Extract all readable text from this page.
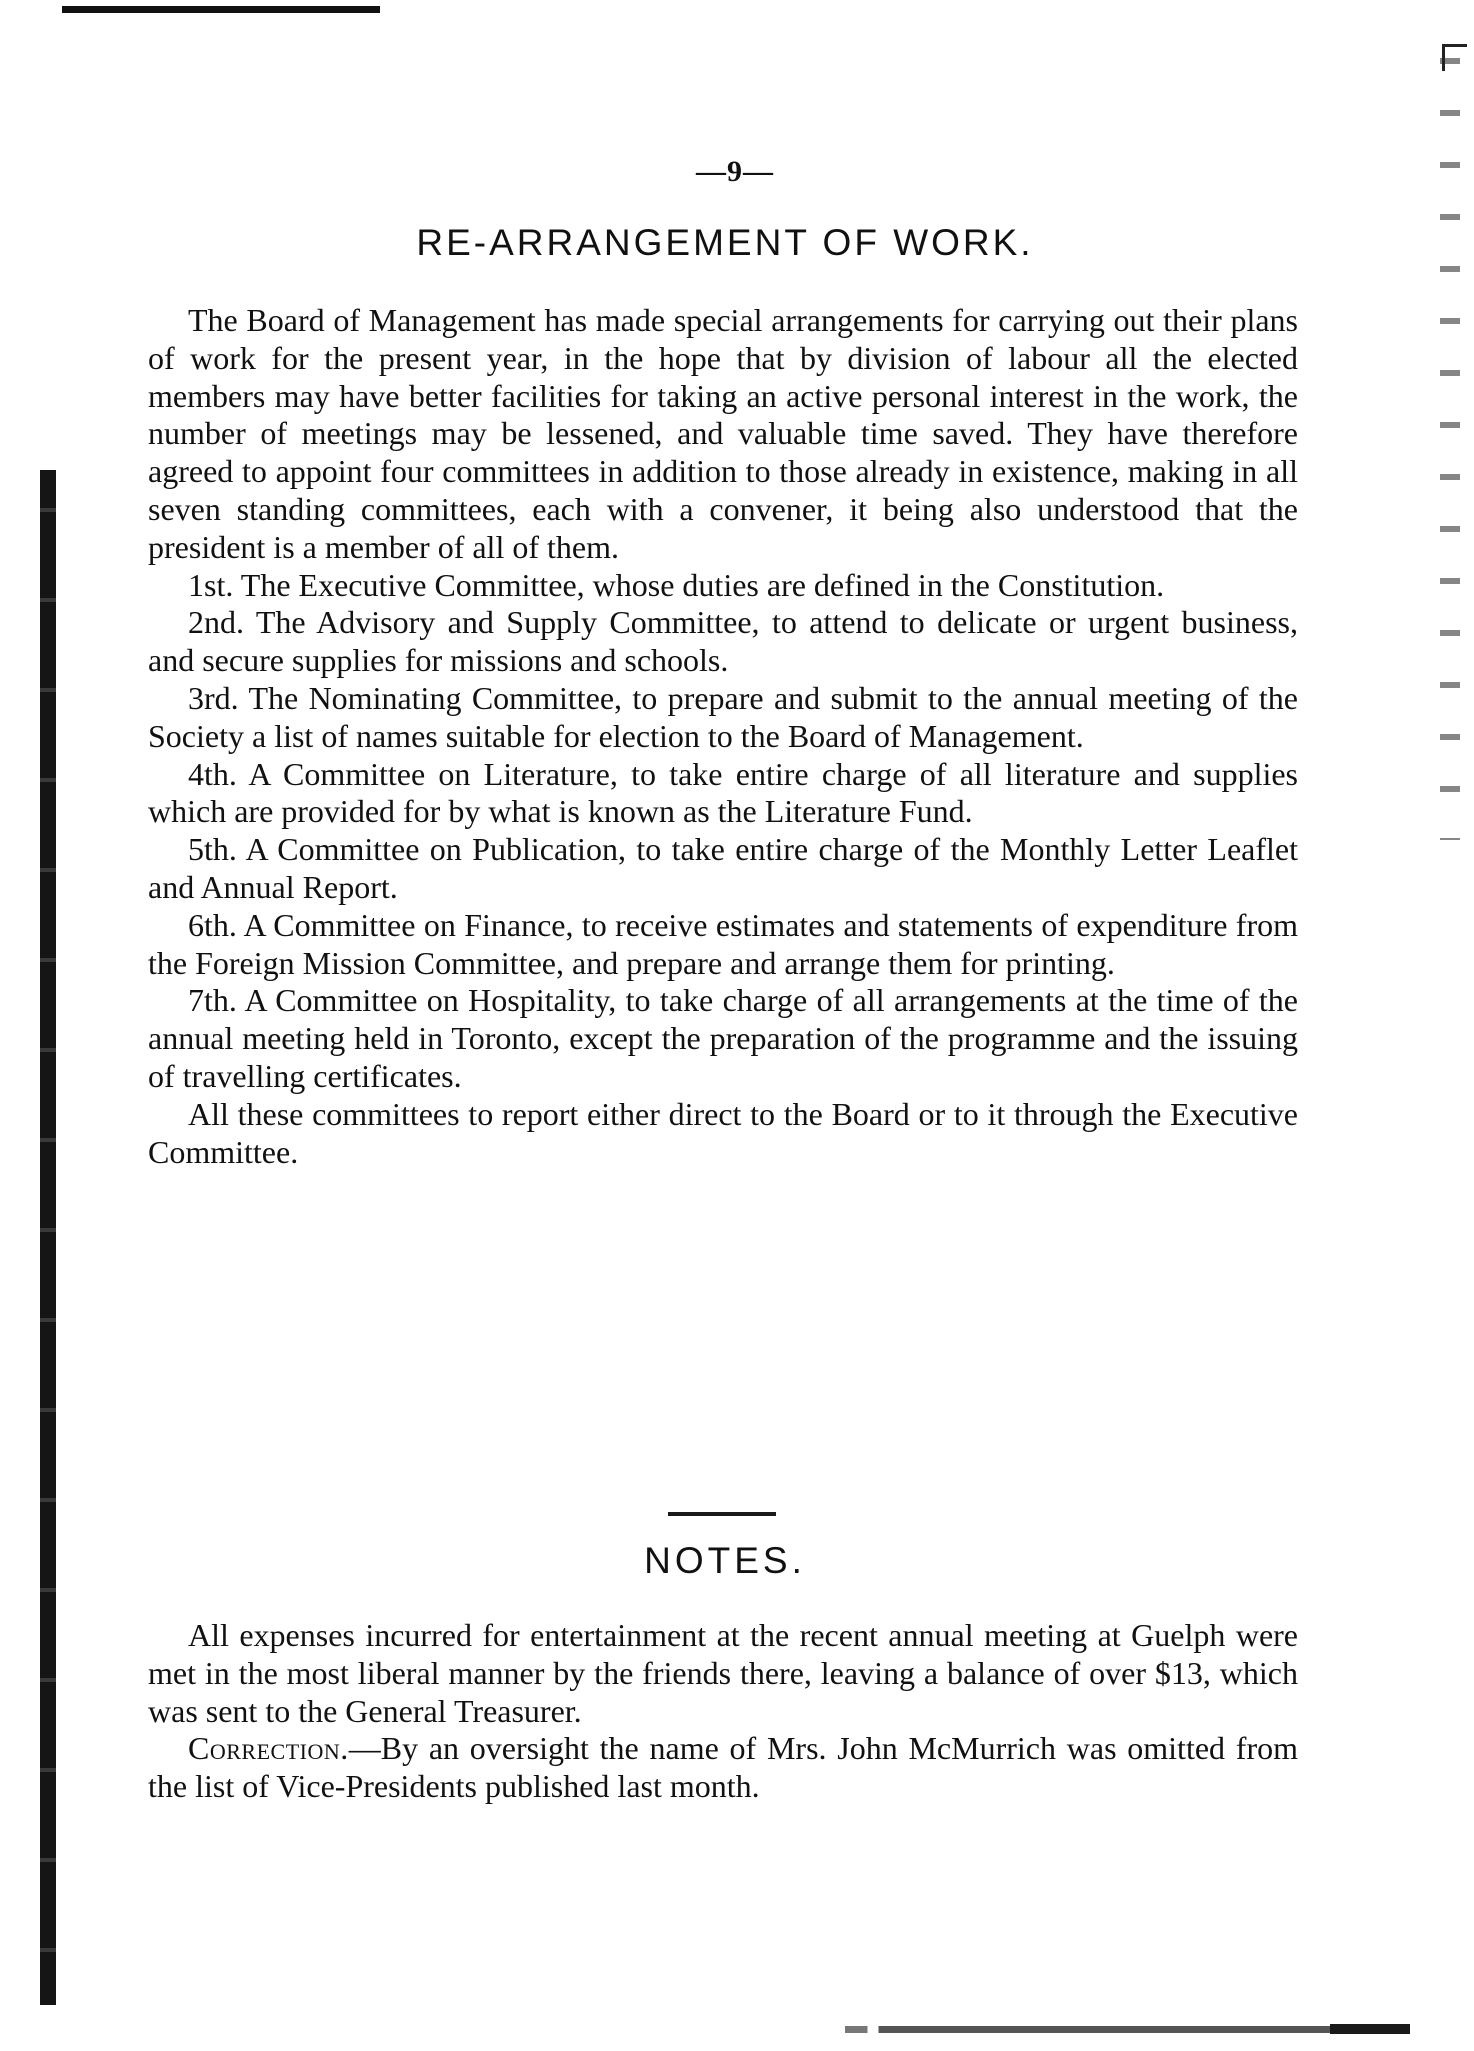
—9—
RE-ARRANGEMENT OF WORK.

The Board of Management has made special arrangements for carrying out their plans of work for the present year, in the hope that by division of labour all the elected members may have better facilities for taking an active personal interest in the work, the number of meetings may be lessened, and valuable time saved. They have therefore agreed to appoint four committees in addition to those already in existence, making in all seven standing committees, each with a convener, it being also understood that the president is a member of all of them.

1st. The Executive Committee, whose duties are defined in the Constitution.

2nd. The Advisory and Supply Committee, to attend to delicate or urgent business, and secure supplies for missions and schools.

3rd. The Nominating Committee, to prepare and submit to the annual meeting of the Society a list of names suitable for election to the Board of Management.

4th. A Committee on Literature, to take entire charge of all literature and supplies which are provided for by what is known as the Literature Fund.

5th. A Committee on Publication, to take entire charge of the Monthly Letter Leaflet and Annual Report.

6th. A Committee on Finance, to receive estimates and statements of expenditure from the Foreign Mission Committee, and prepare and arrange them for printing.

7th. A Committee on Hospitality, to take charge of all arrangements at the time of the annual meeting held in Toronto, except the preparation of the programme and the issuing of travelling certificates.

All these committees to report either direct to the Board or to it through the Executive Committee.

NOTES.

All expenses incurred for entertainment at the recent annual meeting at Guelph were met in the most liberal manner by the friends there, leaving a balance of over $13, which was sent to the General Treasurer.

Correction.—By an oversight the name of Mrs. John McMurrich was omitted from the list of Vice-Presidents published last month.
